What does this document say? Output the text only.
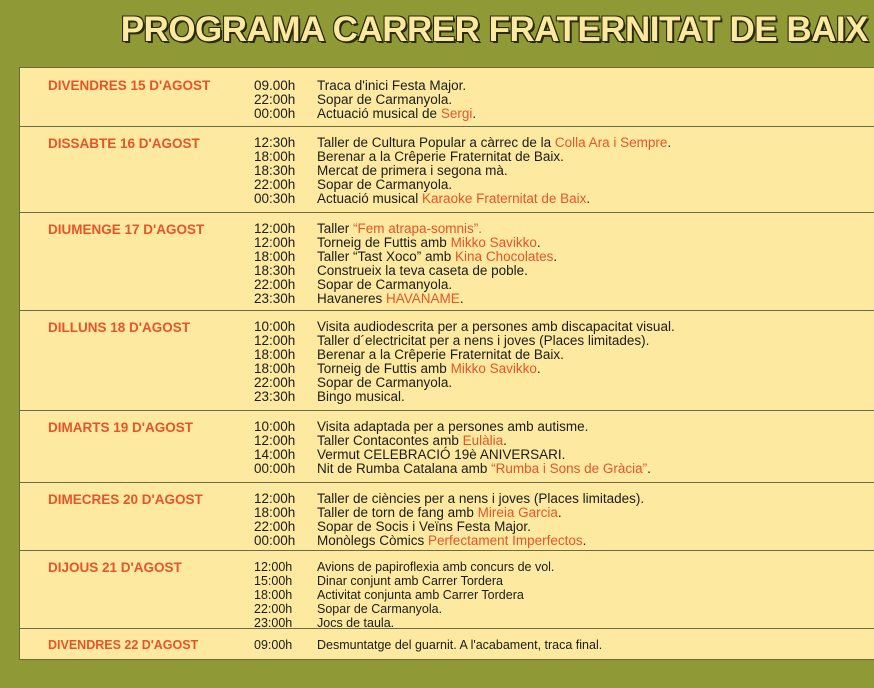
PROGRAMA CARRER FRATERNITAT DE BAIX
DIVENDRES 15 D'AGOST	09.00h Traca d'inici Festa Major.
22:00h Sopar de Carmanyola.
00:00h Actuació musical de Sergi.
DISSABTE 16 D'AGOST	12:30h Taller de Cultura Popular a càrrec de la Colla Ara i Sempre.
18:00h Berenar a la Crêperie Fraternitat de Baix.
18:30h Mercat de primera i segona mà.
22:00h Sopar de Carmanyola.
00:30h Actuació musical Karaoke Fraternitat de Baix.
DIUMENGE 17 D'AGOST	12:00h Taller “Fem atrapa-somnis”.
12:00h Torneig de Futtis amb Mikko Savikko.
18:00h Taller “Tast Xoco” amb Kina Chocolates.
18:30h Construeix la teva caseta de poble.
22:00h Sopar de Carmanyola.
23:30h Havaneres HAVANAME.
DILLUNS 18 D'AGOST	10:00h Visita audiodescrita per a persones amb discapacitat visual.
12:00h Taller d´electricitat per a nens i joves (Places limitades).
18:00h Berenar a la Crêperie Fraternitat de Baix.
18:00h Torneig de Futtis amb Mikko Savikko.
22:00h Sopar de Carmanyola.
23:30h Bingo musical.
DIMARTS 19 D'AGOST	10:00h Visita adaptada per a persones amb autisme.
12:00h Taller Contacontes amb Eulàlia.
14:00h Vermut CELEBRACIÓ 19è ANIVERSARI.
00:00h Nit de Rumba Catalana amb “Rumba i Sons de Gràcia”.
DIMECRES 20 D'AGOST	12:00h Taller de ciències per a nens i joves (Places limitades).
18:00h Taller de torn de fang amb Mireia Garcia.
22:00h Sopar de Socis i Veïns Festa Major.
00:00h Monòlegs Còmics Perfectament Imperfectos.
DIJOUS 21 D'AGOST	12:00h Avions de papiroflexia amb concurs de vol.
15:00h Dinar conjunt amb Carrer Tordera
18:00h Activitat conjunta amb Carrer Tordera
22:00h Sopar de Carmanyola.
23:00h Jocs de taula.
DIVENDRES 22 D'AGOST	09:00h Desmuntatge del guarnit. A l'acabament, traca final.
